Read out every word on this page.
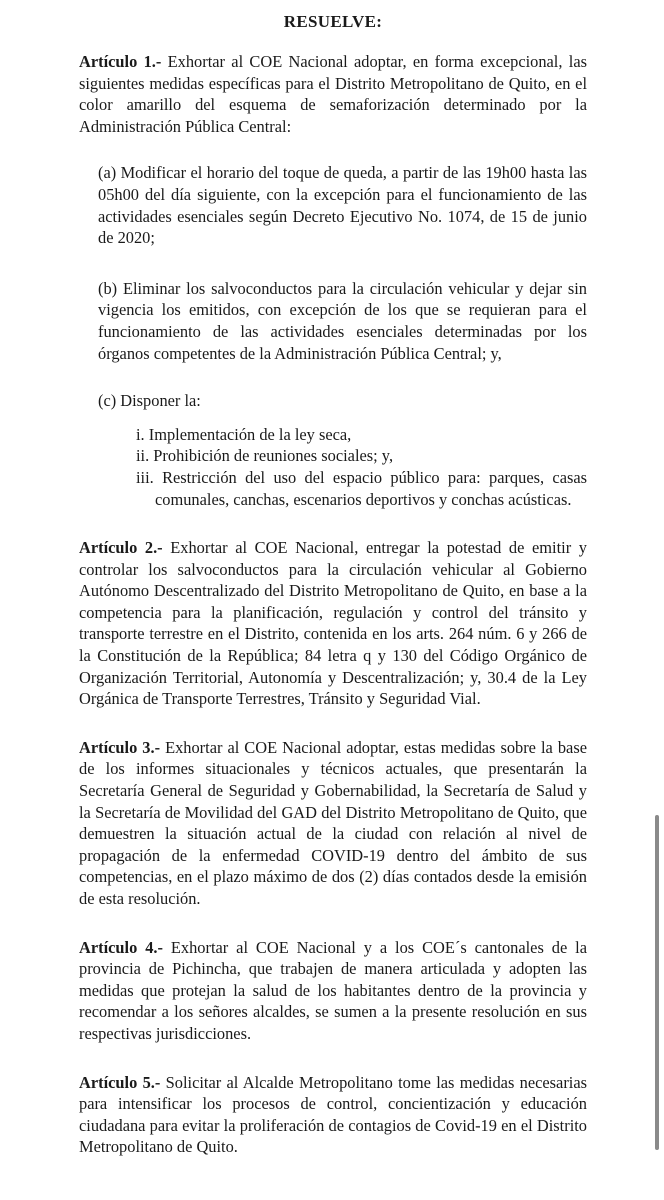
RESUELVE:

Artículo 1.- Exhortar al COE Nacional adoptar, en forma excepcional, las siguientes medidas específicas para el Distrito Metropolitano de Quito, en el color amarillo del esquema de semaforización determinado por la Administración Pública Central:

(a) Modificar el horario del toque de queda, a partir de las 19h00 hasta las 05h00 del día siguiente, con la excepción para el funcionamiento de las actividades esenciales según Decreto Ejecutivo No. 1074, de 15 de junio de 2020;

(b) Eliminar los salvoconductos para la circulación vehicular y dejar sin vigencia los emitidos, con excepción de los que se requieran para el funcionamiento de las actividades esenciales determinadas por los órganos competentes de la Administración Pública Central; y,

(c) Disponer la:

i. Implementación de la ley seca,

ii. Prohibición de reuniones sociales; y,

iii. Restricción del uso del espacio público para: parques, casas comunales, canchas, escenarios deportivos y conchas acústicas.

Artículo 2.- Exhortar al COE Nacional, entregar la potestad de emitir y controlar los salvoconductos para la circulación vehicular al Gobierno Autónomo Descentralizado del Distrito Metropolitano de Quito, en base a la competencia para la planificación, regulación y control del tránsito y transporte terrestre en el Distrito, contenida en los arts. 264 núm. 6 y 266 de la Constitución de la República; 84 letra q y 130 del Código Orgánico de Organización Territorial, Autonomía y Descentralización; y, 30.4 de la Ley Orgánica de Transporte Terrestres, Tránsito y Seguridad Vial.

Artículo 3.- Exhortar al COE Nacional adoptar, estas medidas sobre la base de los informes situacionales y técnicos actuales, que presentarán la Secretaría General de Seguridad y Gobernabilidad, la Secretaría de Salud y la Secretaría de Movilidad del GAD del Distrito Metropolitano de Quito, que demuestren la situación actual de la ciudad con relación al nivel de propagación de la enfermedad COVID-19 dentro del ámbito de sus competencias, en el plazo máximo de dos (2) días contados desde la emisión de esta resolución.

Artículo 4.- Exhortar al COE Nacional y a los COE´s cantonales de la provincia de Pichincha, que trabajen de manera articulada y adopten las medidas que protejan la salud de los habitantes dentro de la provincia y recomendar a los señores alcaldes, se sumen a la presente resolución en sus respectivas jurisdicciones.

Artículo 5.- Solicitar al Alcalde Metropolitano tome las medidas necesarias para intensificar los procesos de control, concientización y educación ciudadana para evitar la proliferación de contagios de Covid-19 en el Distrito Metropolitano de Quito.
